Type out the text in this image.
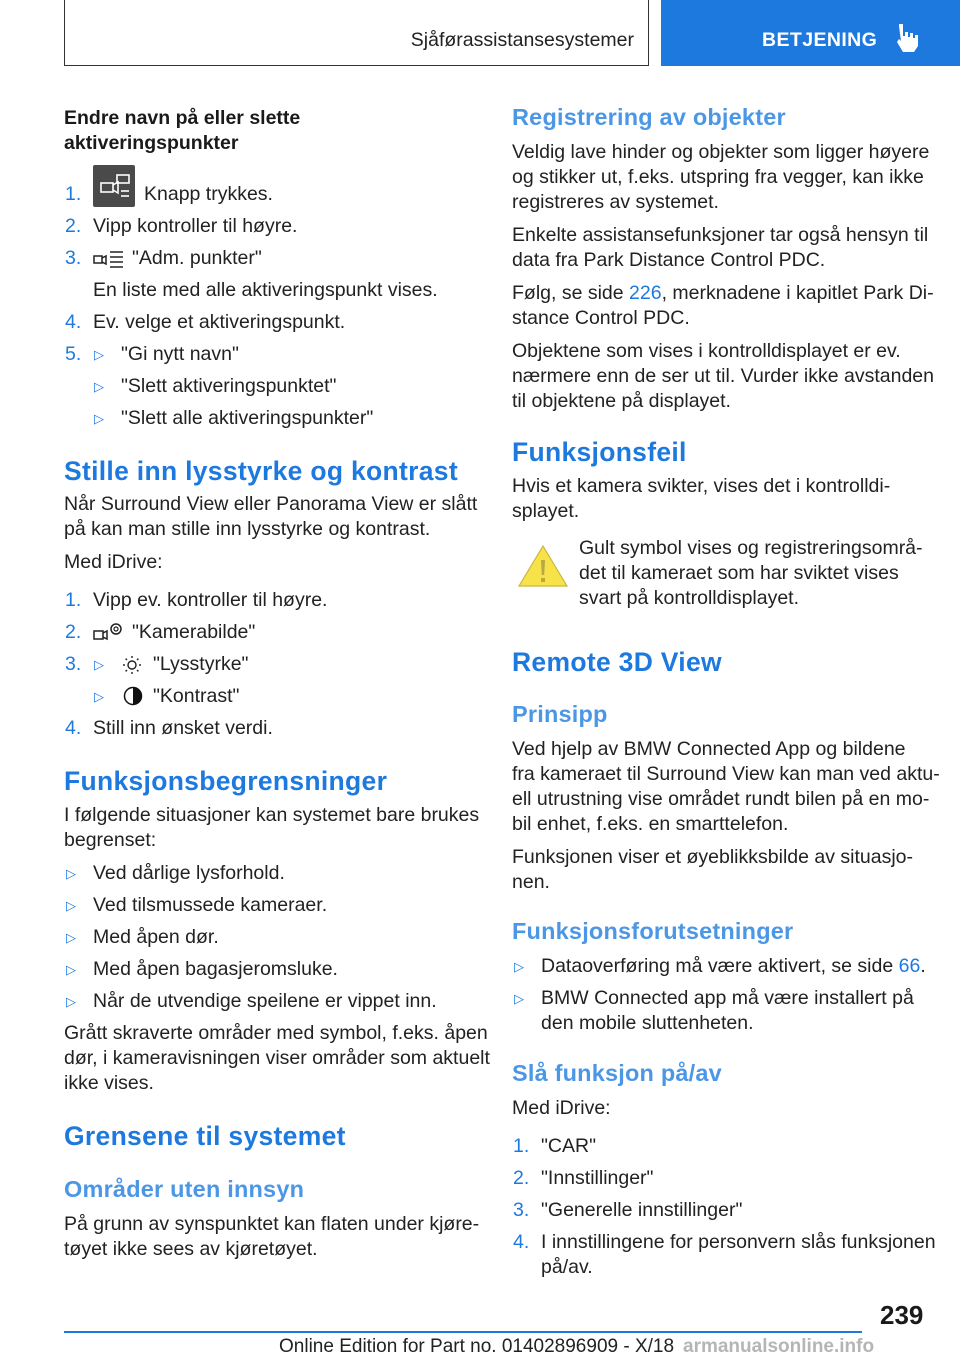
Sjåførassistansesystemer	BETJENING
Endre navn på eller slette
aktiveringspunkter
1.	Knapp trykkes.
2. Vipp kontroller til høyre.
3.	"Adm. punkter"
En liste med alle aktiveringspunkt vises.
4. Ev. velge et aktiveringspunkt.
5. ▷ "Gi nytt navn"
▷ "Slett aktiveringspunktet"
▷ "Slett alle aktiveringspunkter"
Stille inn lysstyrke og kontrast
Når Surround View eller Panorama View er slått
på kan man stille inn lysstyrke og kontrast.
Med iDrive:
1. Vipp ev. kontroller til høyre.
2.	"Kamerabilde"
3. ▷	"Lysstyrke"
▷	"Kontrast"
4. Still inn ønsket verdi.
Funksjonsbegrensninger
I følgende situasjoner kan systemet bare brukes
begrenset:
▷ Ved dårlige lysforhold.
▷ Ved tilsmussede kameraer.
▷ Med åpen dør.
▷ Med åpen bagasjeromsluke.
▷ Når de utvendige speilene er vippet inn.
Grått skraverte områder med symbol, f.eks. åpen
dør, i kameravisningen viser områder som aktuelt
ikke vises.
Grensene til systemet
Områder uten innsyn
På grunn av synspunktet kan flaten under kjøre-
tøyet ikke sees av kjøretøyet.
Registrering av objekter
Veldig lave hinder og objekter som ligger høyere
og stikker ut, f.eks. utspring fra vegger, kan ikke
registreres av systemet.
Enkelte assistansefunksjoner tar også hensyn til
data fra Park Distance Control PDC.
Følg, se side 226, merknadene i kapitlet Park Di-
stance Control PDC.
Objektene som vises i kontrolldisplayet er ev.
nærmere enn de ser ut til. Vurder ikke avstanden
til objektene på displayet.
Funksjonsfeil
Hvis et kamera svikter, vises det i kontrolldi-
splayet.
Gult symbol vises og registreringsområ-
det til kameraet som har sviktet vises
svart på kontrolldisplayet.
Remote 3D View
Prinsipp
Ved hjelp av BMW Connected App og bildene
fra kameraet til Surround View kan man ved aktu-
ell utrustning vise området rundt bilen på en mo-
bil enhet, f.eks. en smarttelefon.
Funksjonen viser et øyeblikksbilde av situasjo-
nen.
Funksjonsforutsetninger
▷ Dataoverføring må være aktivert, se side 66.
▷ BMW Connected app må være installert på
den mobile sluttenheten.
Slå funksjon på/av
Med iDrive:
1. "CAR"
2. "Innstillinger"
3. "Generelle innstillinger"
4. I innstillingene for personvern slås funksjonen
på/av.
239
Online Edition for Part no. 01402896909 - X/18 armanualsonline.info
